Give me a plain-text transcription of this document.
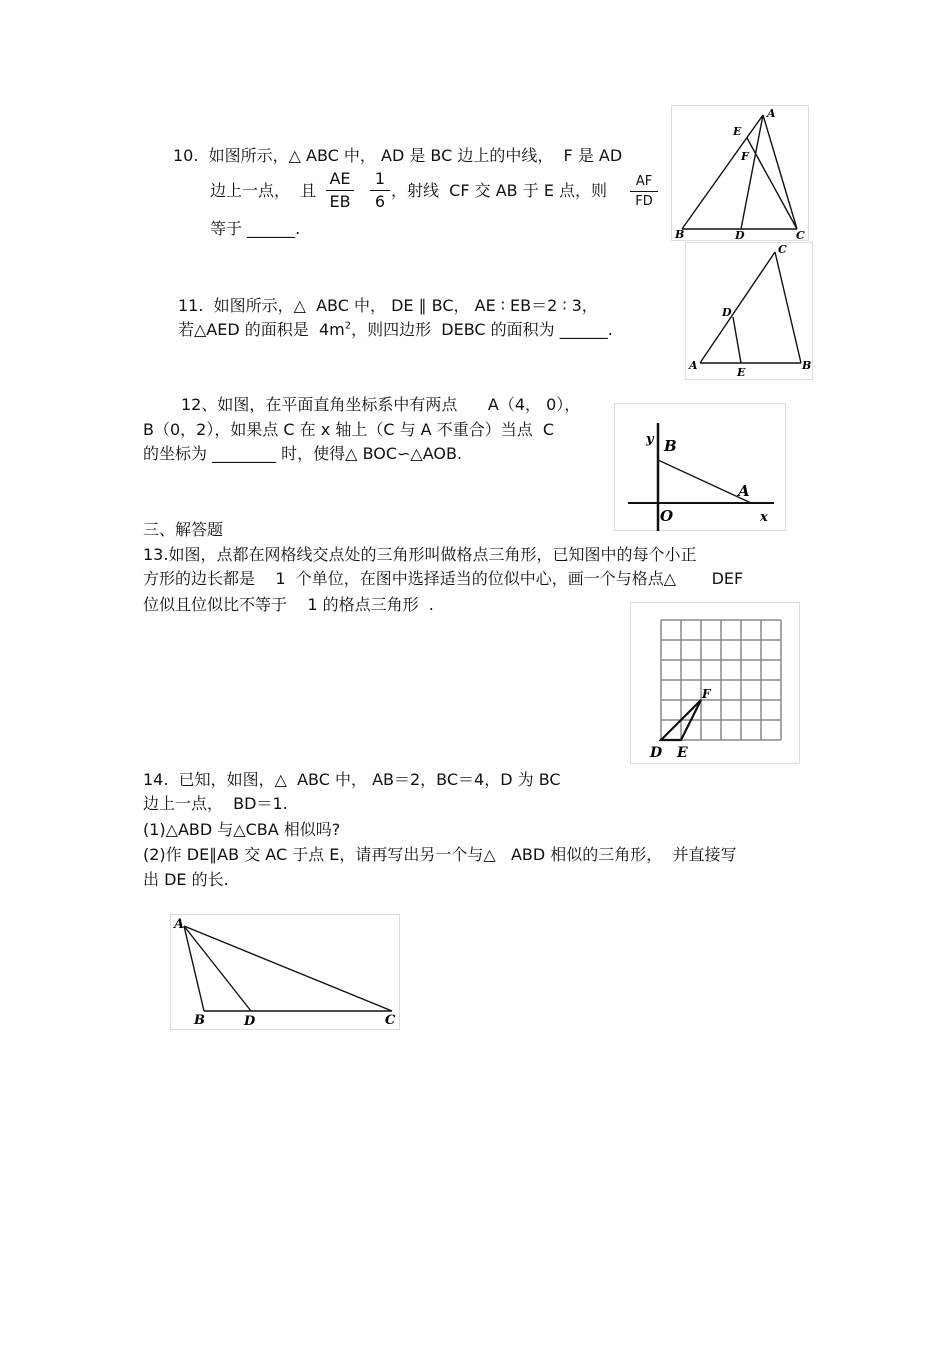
10.  如图所示，△ ABC 中， AD 是 BC 边上的中线，  F 是 AD
边上一点，  且
AE
EB
1
6
，射线  CF 交 AB 于 E 点，则	AF
FD
等于 ______.
A
E
F
B	D	C
11.  如图所示，△  ABC 中， DE ∥ BC， AE ∶ EB＝2 ∶ 3，
若△AED 的面积是  $4m^2$，则四边形  DEBC 的面积为 ______.
C
D
A
E
B
12、如图，在平面直角坐标系中有两点      A（4， 0），
B（0，2），如果点 C 在 x 轴上（C 与 A 不重合）当点  C
的坐标为 ________ 时，使得△ BOC∽△AOB.
y B
A
O	x
三、解答题
13.如图，点都在网格线交点处的三角形叫做格点三角形，已知图中的每个小正
方形的边长都是    1  个单位，在图中选择适当的位似中心，画一个与格点△       DEF
位似且位似比不等于    1 的格点三角形  .
D E
F
14.  已知，如图，△  ABC 中， AB＝2，BC＝4，D 为 BC
边上一点，  BD＝1.
(1)△ABD 与△CBA 相似吗?
(2)作 DE∥AB 交 AC 于点 E，请再写出另一个与△   ABD 相似的三角形，  并直接写
出 DE 的长.
A
B	D	C
